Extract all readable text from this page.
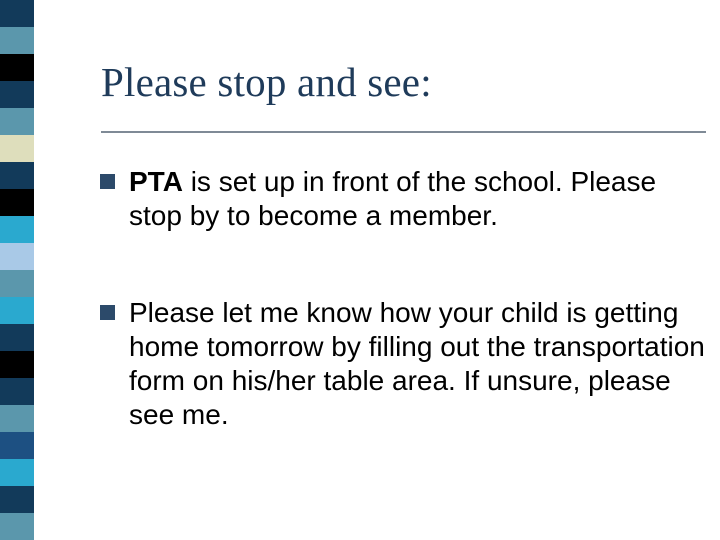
Please stop and see:
PTA is set up in front of the school. Please stop by to become a member.
Please let me know how your child is getting home tomorrow by filling out the transportation form on his/her table area. If unsure, please see me.
